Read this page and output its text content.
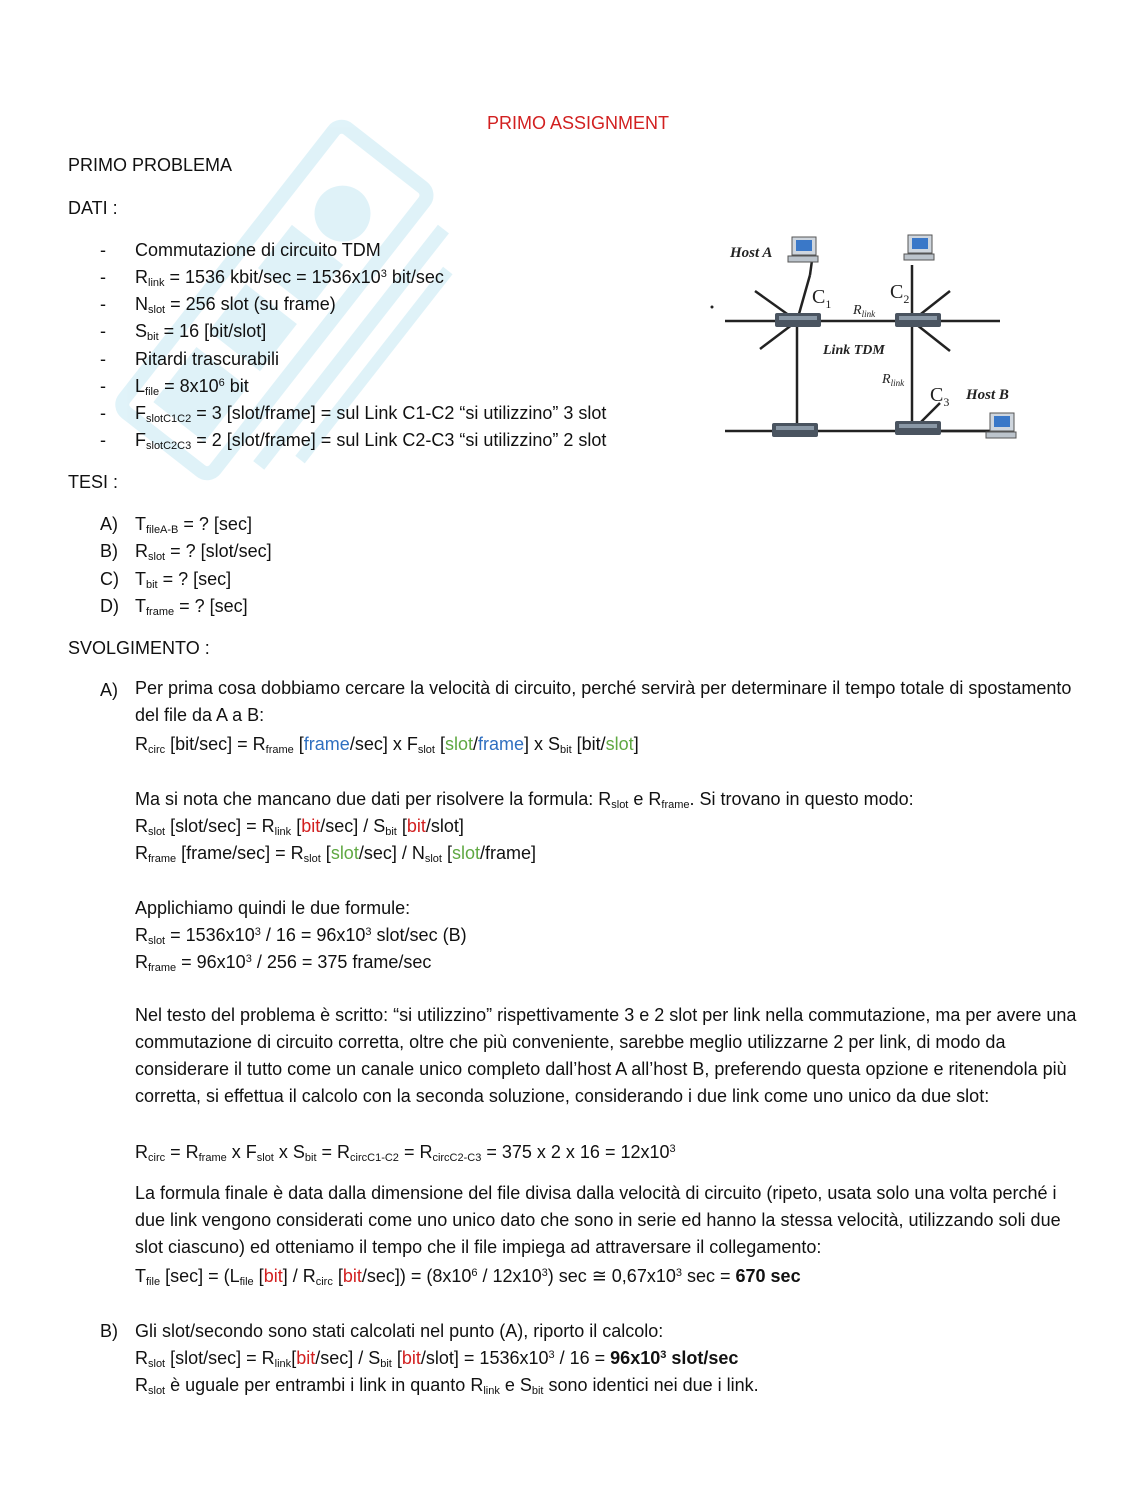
PRIMO ASSIGNMENT
PRIMO PROBLEMA
DATI :
- Commutazione di circuito TDM
- $R_{link} = 1536$ kbit/sec = $1536x10^3$ bit/sec
- $N_{slot} = 256$ slot (su frame)
- $S_{bit} = 16$ [bit/slot]
- Ritardi trascurabili
- $L_{file} = 8x10^6$ bit
- $F_{slotC1C2} = 3$ [slot/frame] = sul Link C1-C2 “si utilizzino” 3 slot
- $F_{slotC2C3} = 2$ [slot/frame] = sul Link C2-C3 “si utilizzino” 2 slot
Host A
Host B
$C_1$
$C_2$
$C_3$
$R_{link}$
$R_{link}$
Link TDM
TESI :
A) $T_{fileA-B}$ = ? [sec]
B) $R_{slot}$ = ? [slot/sec]
C) $T_{bit}$ = ? [sec]
D) $T_{frame}$ = ? [sec]
SVOLGIMENTO :
A) Per prima cosa dobbiamo cercare la velocità di circuito, perché servirà per determinare il tempo totale di spostamento del file da A a B:
$R_{circ}$ $[bit/\sec] = R_{frame}$ [frame/sec] x $F_{slot}$ [slot/frame] x $S_{bit}$ [bit/slot]
Ma si nota che mancano due dati per risolvere la formula: $R_{slot}$ e $R_{frame}$. Si trovano in questo modo:
$R_{slot}$ [slot/sec] = $R_{link}$ $[bit/\sec] / S_{bit}$ [bit/slot]
$R_{frame}$ [frame/sec] = $R_{slot}$ [slot/sec] / $N_{slot}$ [slot/frame]
Applichiamo quindi le due formule:
$R_{slot} = 1536x10^3 / 16 = 96x10^3$ slot/sec (B)
$R_{frame} = 96x10^3 / 256 = 375$ frame/sec
Nel testo del problema è scritto: “si utilizzino” rispettivamente 3 e 2 slot per link nella commutazione, ma per avere una commutazione di circuito corretta, oltre che più conveniente, sarebbe meglio utilizzarne 2 per link, di modo da considerare il tutto come un canale unico completo dall’host A all’host B, preferendo questa opzione e ritenendola più corretta, si effettua il calcolo con la seconda soluzione, considerando i due link come uno unico da due slot:
$R_{circ} = R_{frame}$ x $F_{slot}$ x $S_{bit} = R_{circC1-C2} = R_{circC2-C3} = 375$ x 2 x $16 = 12x10^3$
La formula finale è data dalla dimensione del file divisa dalla velocità di circuito (ripeto, usata solo una volta perché i due link vengono considerati come uno unico dato che sono in serie ed hanno la stessa velocità, utilizzando soli due slot ciascuno) ed otteniamo il tempo che il file impiega ad attraversare il collegamento:
$T_{file}$ $[\sec] = (L_{file}$ $[bit] / R_{circ}$ $[bit/\sec]) = (8x10^6 / 12x10^3)$ sec ≅ $0,67x10^3$ sec = 670 sec
B) Gli slot/secondo sono stati calcolati nel punto (A), riporto il calcolo:
$R_{slot}$ [slot/sec] = $R_{link}[bit/\sec] / S_{bit}$ [bit/slot] = $1536x10^3 / 16 = 96x10^3$ slot/sec
$R_{slot}$ è uguale per entrambi i link in quanto $R_{link}$ e $S_{bit}$ sono identici nei due i link.
